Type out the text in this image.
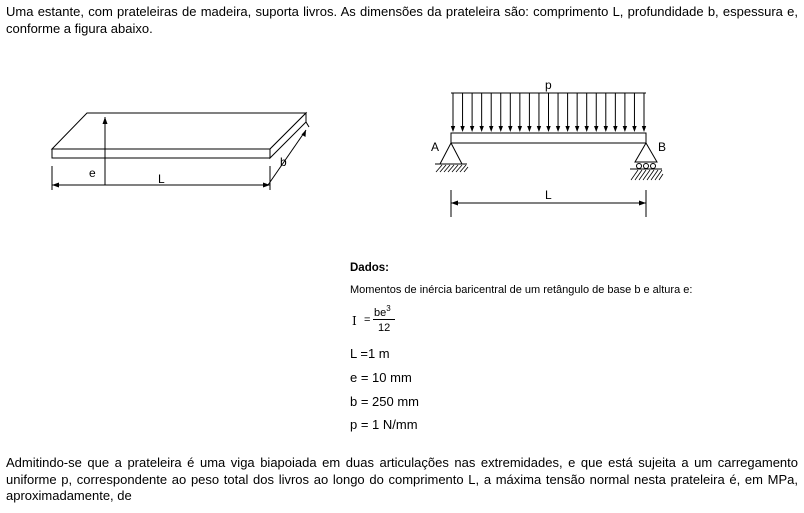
Uma estante, com prateleiras de madeira, suporta livros. As dimensões da prateleira são: comprimento L, profundidade b, espessura e, conforme a figura abaixo.
e	L
b
p
A	B
L
Dados:
Momentos de inércia baricentral de um retângulo de base b e altura e:
I =
$be^3$
12
L =1 m
e = 10 mm
b = 250 mm
p = 1 N/mm
Admitindo-se que a prateleira é uma viga biapoiada em duas articulações nas extremidades, e que está sujeita a um carregamento uniforme p, correspondente ao peso total dos livros ao longo do comprimento L, a máxima tensão normal nesta prateleira é, em MPa, aproximadamente, de
